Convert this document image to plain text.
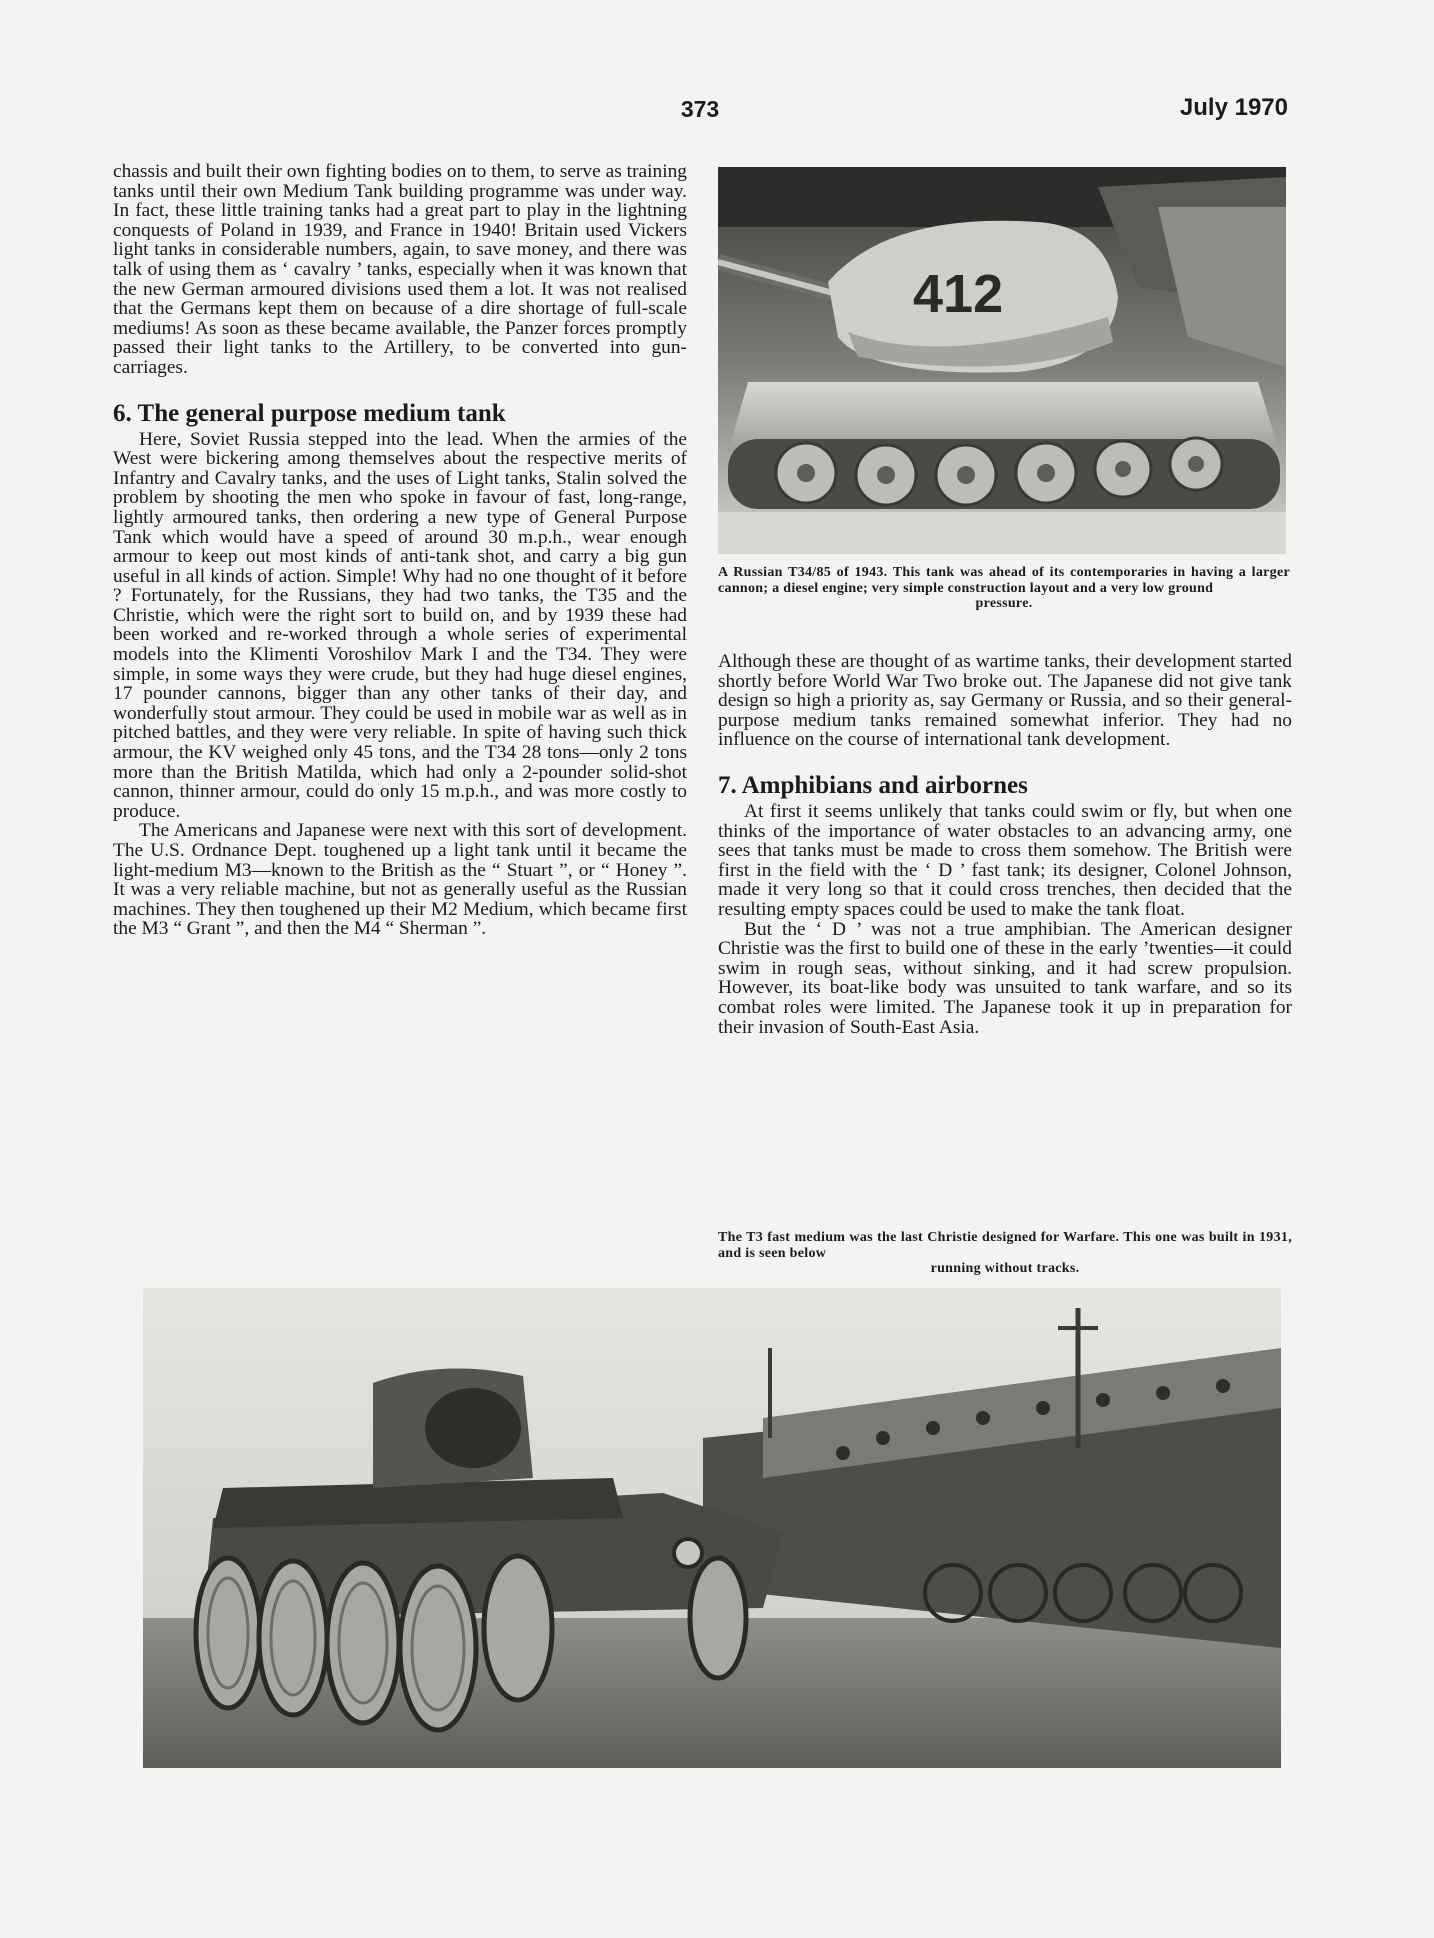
373	July 1970

chassis and built their own fighting bodies on to them, to serve as training tanks until their own Medium Tank building programme was under way. In fact, these little training tanks had a great part to play in the lightning conquests of Poland in 1939, and France in 1940! Britain used Vickers light tanks in considerable numbers, again, to save money, and there was talk of using them as ‘ cavalry ’ tanks, especially when it was known that the new German armoured divisions used them a lot. It was not realised that the Germans kept them on because of a dire shortage of full-scale mediums! As soon as these became available, the Panzer forces promptly passed their light tanks to the Artillery, to be converted into gun-carriages.

6. The general purpose medium tank

Here, Soviet Russia stepped into the lead. When the armies of the West were bickering among themselves about the respective merits of Infantry and Cavalry tanks, and the uses of Light tanks, Stalin solved the problem by shooting the men who spoke in favour of fast, long-range, lightly armoured tanks, then ordering a new type of General Purpose Tank which would have a speed of around 30 m.p.h., wear enough armour to keep out most kinds of anti-tank shot, and carry a big gun useful in all kinds of action. Simple! Why had no one thought of it before ? Fortunately, for the Russians, they had two tanks, the T35 and the Christie, which were the right sort to build on, and by 1939 these had been worked and re-worked through a whole series of experimental models into the Klimenti Voroshilov Mark I and the T34. They were simple, in some ways they were crude, but they had huge diesel engines, 17 pounder cannons, bigger than any other tanks of their day, and wonderfully stout armour. They could be used in mobile war as well as in pitched battles, and they were very reliable. In spite of having such thick armour, the KV weighed only 45 tons, and the T34 28 tons—only 2 tons more than the British Matilda, which had only a 2-pounder solid-shot cannon, thinner armour, could do only 15 m.p.h., and was more costly to produce.

The Americans and Japanese were next with this sort of development. The U.S. Ordnance Dept. toughened up a light tank until it became the light-medium M3—known to the British as the “ Stuart ”, or “ Honey ”. It was a very reliable machine, but not as generally useful as the Russian machines. They then toughened up their M2 Medium, which became first the M3 “ Grant ”, and then the M4 “ Sherman ”.

412
A Russian T34/85 of 1943. This tank was ahead of its contemporaries in having a larger cannon; a diesel engine; very simple construction layout and a very low ground
pressure.

Although these are thought of as wartime tanks, their development started shortly before World War Two broke out. The Japanese did not give tank design so high a priority as, say Germany or Russia, and so their general-purpose medium tanks remained somewhat inferior. They had no influence on the course of international tank development.

7. Amphibians and airbornes

At first it seems unlikely that tanks could swim or fly, but when one thinks of the importance of water obstacles to an advancing army, one sees that tanks must be made to cross them somehow. The British were first in the field with the ‘ D ’ fast tank; its designer, Colonel Johnson, made it very long so that it could cross trenches, then decided that the resulting empty spaces could be used to make the tank float.

But the ‘ D ’ was not a true amphibian. The American designer Christie was the first to build one of these in the early ’twenties—it could swim in rough seas, without sinking, and it had screw propulsion. However, its boat-like body was unsuited to tank warfare, and so its combat roles were limited. The Japanese took it up in preparation for their invasion of South-East Asia.

The T3 fast medium was the last Christie designed for Warfare. This one was built in 1931, and is seen below
running without tracks.
